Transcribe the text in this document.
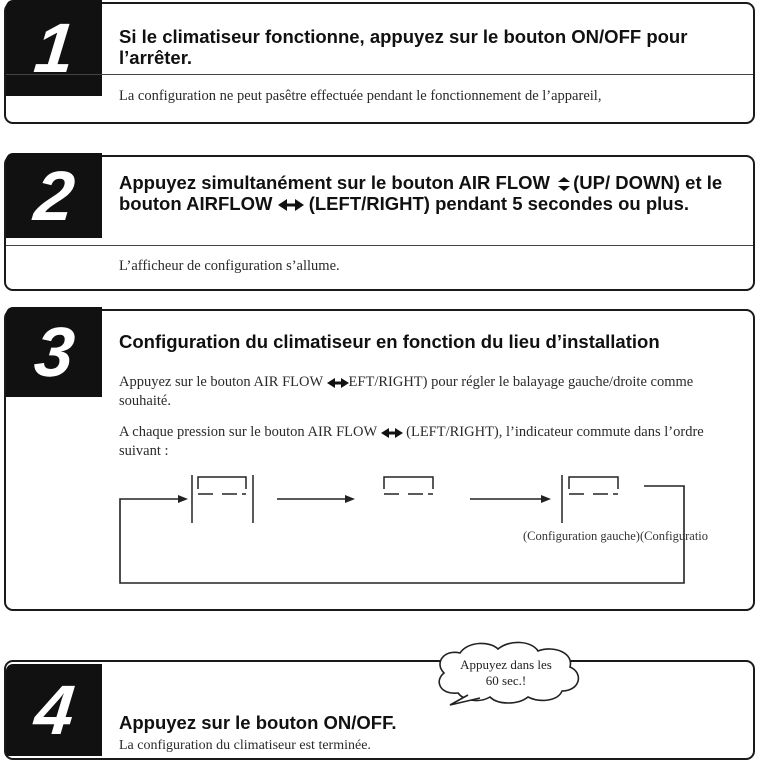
1 Si le climatiseur fonctionne, appuyez sur le bouton ON/OFF pour l’arrêter.
La configuration ne peut pasêtre effectuée pendant le fonctionnement de l’appareil,
2 Appuyez simultanément sur le bouton AIR FLOW (UP/ DOWN) et le bouton AIRFLOW (LEFT/RIGHT) pendant 5 secondes ou plus.
L’afficheur de configuration s’allume.
3 Configuration du climatiseur en fonction du lieu d’installation
Appuyez sur le bouton AIR FLOW EFT/RIGHT) pour régler le balayage gauche/droite comme souhaité.
A chaque pression sur le bouton AIR FLOW (LEFT/RIGHT), l’indicateur commute dans l’ordre suivant :
(Configuration gauche)(Configuratio
4 Appuyez sur le bouton ON/OFF.
La configuration du climatiseur est terminée.
Appuyez dans les
60 sec.!
